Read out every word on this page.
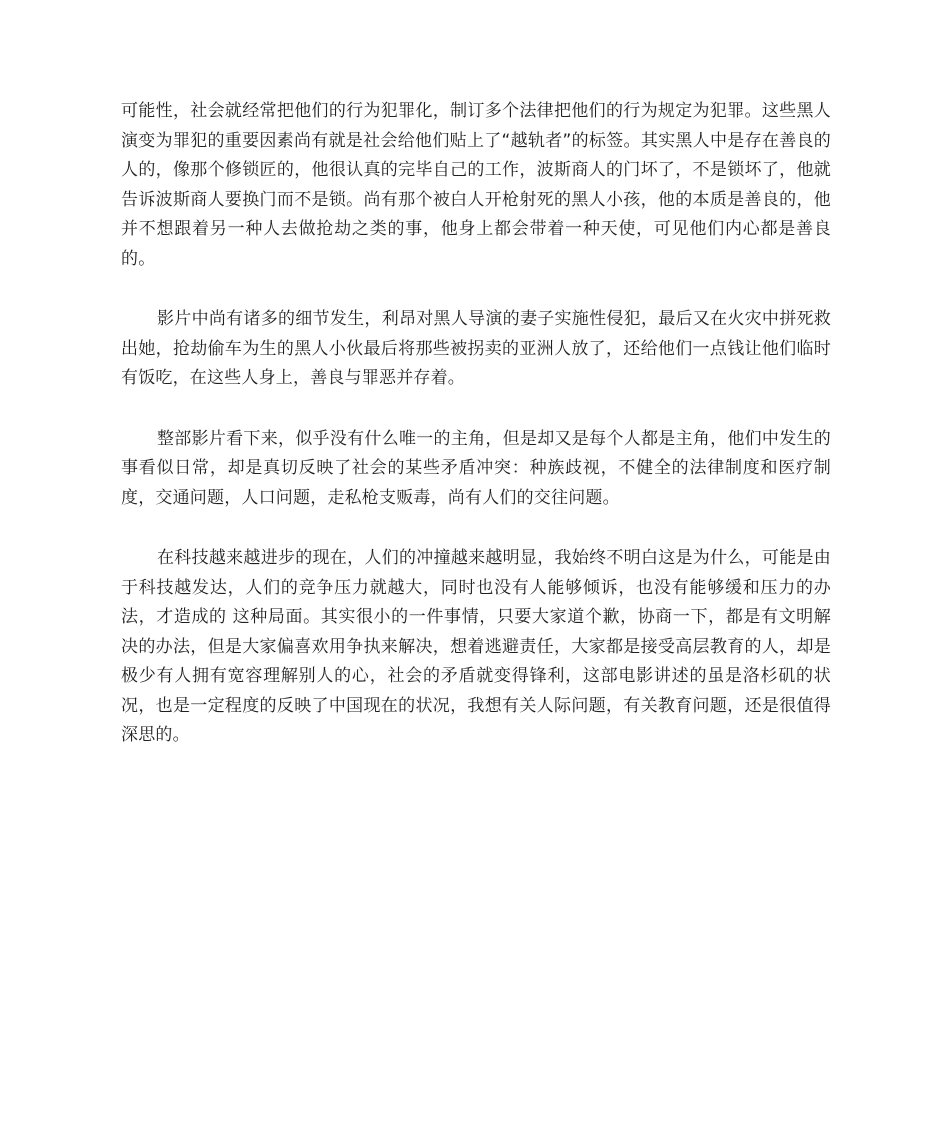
可能性，社会就经常把他们的行为犯罪化，制订多个法律把他们的行为规定为犯罪。这些黑人演变为罪犯的重要因素尚有就是社会给他们贴上了“越轨者”的标签。其实黑人中是存在善良的人的，像那个修锁匠的，他很认真的完毕自己的工作，波斯商人的门坏了，不是锁坏了，他就告诉波斯商人要换门而不是锁。尚有那个被白人开枪射死的黑人小孩，他的本质是善良的，他并不想跟着另一种人去做抢劫之类的事，他身上都会带着一种天使，可见他们内心都是善良的。

影片中尚有诸多的细节发生，利昂对黑人导演的妻子实施性侵犯，最后又在火灾中拼死救出她，抢劫偷车为生的黑人小伙最后将那些被拐卖的亚洲人放了，还给他们一点钱让他们临时有饭吃，在这些人身上，善良与罪恶并存着。

整部影片看下来，似乎没有什么唯一的主角，但是却又是每个人都是主角，他们中发生的事看似日常，却是真切反映了社会的某些矛盾冲突：种族歧视，不健全的法律制度和医疗制度，交通问题，人口问题，走私枪支贩毒，尚有人们的交往问题。

在科技越来越进步的现在，人们的冲撞越来越明显，我始终不明白这是为什么，可能是由于科技越发达，人们的竞争压力就越大，同时也没有人能够倾诉，也没有能够缓和压力的办法，才造成的 这种局面。其实很小的一件事情，只要大家道个歉，协商一下，都是有文明解决的办法，但是大家偏喜欢用争执来解决，想着逃避责任，大家都是接受高层教育的人，却是极少有人拥有宽容理解别人的心，社会的矛盾就变得锋利，这部电影讲述的虽是洛杉矶的状况，也是一定程度的反映了中国现在的状况，我想有关人际问题，有关教育问题，还是很值得深思的。
